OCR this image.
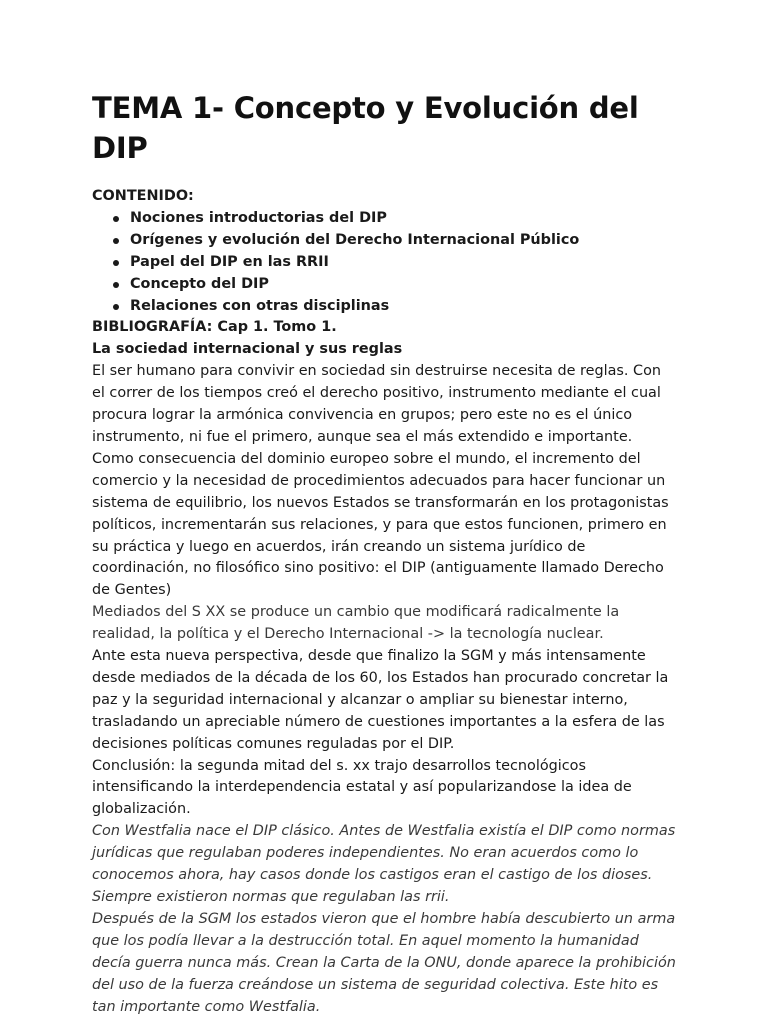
TEMA 1- Concepto y Evolución del DIP

CONTENIDO:

Nociones introductorias del DIP
Orígenes y evolución del Derecho Internacional Público
Papel del DIP en las RRII
Concepto del DIP
Relaciones con otras disciplinas

BIBLIOGRAFÍA: Cap 1. Tomo 1.

La sociedad internacional y sus reglas

El ser humano para convivir en sociedad sin destruirse necesita de reglas. Con el correr de los tiempos creó el derecho positivo, instrumento mediante el cual procura lograr la armónica convivencia en grupos; pero este no es el único instrumento, ni fue el primero, aunque sea el más extendido e importante.

Como consecuencia del dominio europeo sobre el mundo, el incremento del comercio y la necesidad de procedimientos adecuados para hacer funcionar un sistema de equilibrio, los nuevos Estados se transformarán en los protagonistas políticos, incrementarán sus relaciones, y para que estos funcionen, primero en su práctica y luego en acuerdos, irán creando un sistema jurídico de coordinación, no filosófico sino positivo: el DIP (antiguamente llamado Derecho de Gentes)

Mediados del S XX se produce un cambio que modificará radicalmente la realidad, la política y el Derecho Internacional -> la tecnología nuclear.

Ante esta nueva perspectiva, desde que finalizo la SGM y más intensamente desde mediados de la década de los 60, los Estados han procurado concretar la paz y la seguridad internacional y alcanzar o ampliar su bienestar interno, trasladando un apreciable número de cuestiones importantes a la esfera de las decisiones políticas comunes reguladas por el DIP.

Conclusión: la segunda mitad del s. xx trajo desarrollos tecnológicos intensificando la interdependencia estatal y así popularizandose la idea de globalización.

Con Westfalia nace el DIP clásico. Antes de Westfalia existía el DIP como normas jurídicas que regulaban poderes independientes. No eran acuerdos como lo conocemos ahora, hay casos donde los castigos eran el castigo de los dioses. Siempre existieron normas que regulaban las rrii.

Después de la SGM los estados vieron que el hombre había descubierto un arma que los podía llevar a la destrucción total. En aquel momento la humanidad decía guerra nunca más. Crean la Carta de la ONU, donde aparece la prohibición del uso de la fuerza creándose un sistema de seguridad colectiva. Este hito es tan importante como Westfalia.
